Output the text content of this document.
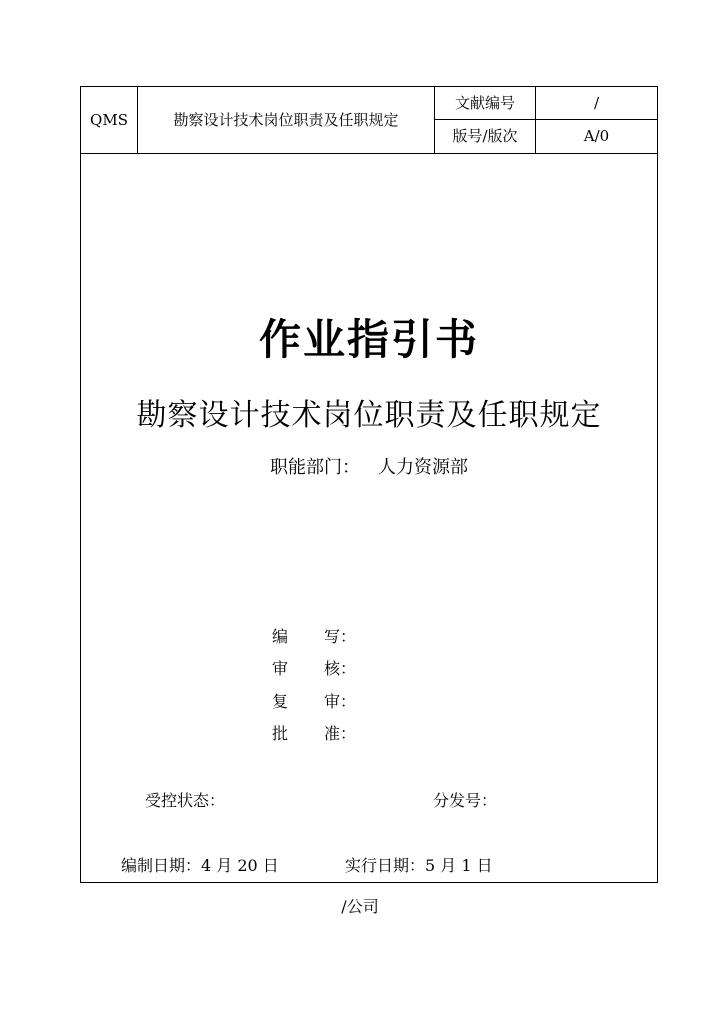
QMS	勘察设计技术岗位职责及任职规定	文献编号	/
		版号/版次	A/0
作业指引书
勘察设计技术岗位职责及任职规定
职能部门： 人力资源部
编 写：
审 核：
复 审：
批 准：
受控状态：	分发号：
编制日期：4 月 20 日	实行日期：5 月 1 日
/公司
